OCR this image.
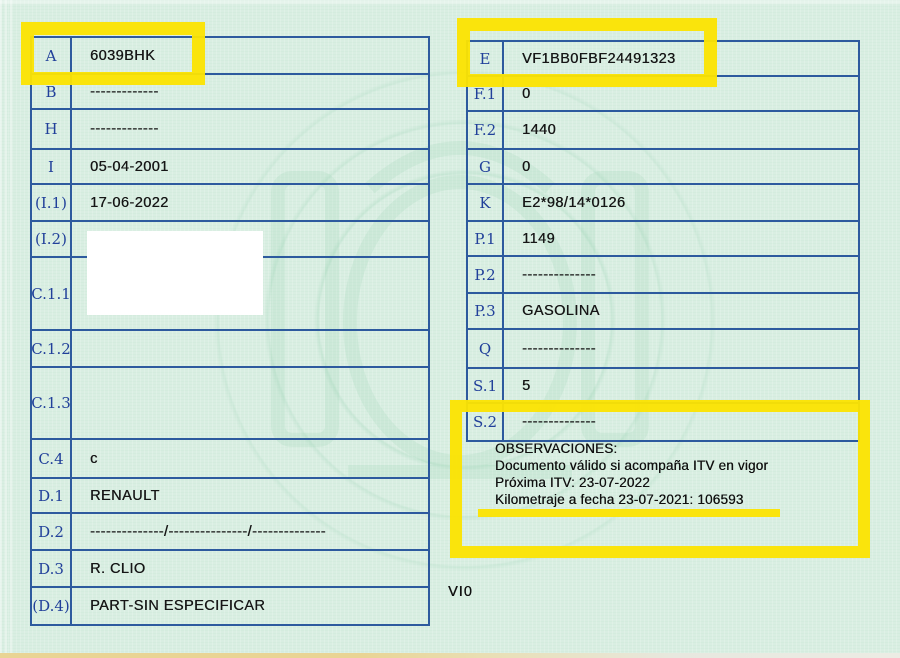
A	6039BHK
B	-------------
H	-------------
I	05-04-2001
(I.1)	17-06-2022
(I.2)
C.1.1
C.1.2
C.1.3
C.4	c
D.1	RENAULT
D.2	--------------/---------------/--------------
D.3	R. CLIO
(D.4)	PART-SIN ESPECIFICAR
E	VF1BB0FBF24491323
F.1	0
F.2	1440
G	0
K	E2*98/14*0126
P.1	1149
P.2	--------------
P.3	GASOLINA
Q	--------------
S.1	5
S.2	--------------
OBSERVACIONES:
Documento válido si acompaña ITV en vigor
Próxima ITV: 23-07-2022
Kilometraje a fecha 23-07-2021: 106593
VI0
